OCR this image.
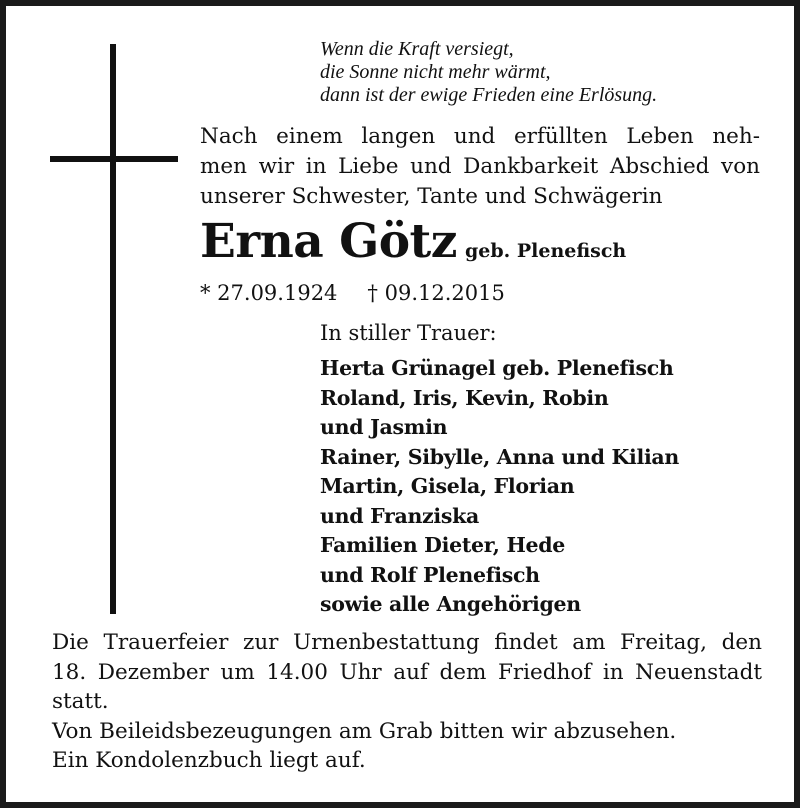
Wenn die Kraft versiegt,
die Sonne nicht mehr wärmt,
dann ist der ewige Frieden eine Erlösung.
Nach einem langen und erfüllten Leben neh-
men wir in Liebe und Dankbarkeit Abschied von
unserer Schwester, Tante und Schwägerin
Erna Götz geb. Plenefisch
* 27.09.1924 † 09.12.2015
In stiller Trauer:
Herta Grünagel geb. Plenefisch
Roland, Iris, Kevin, Robin
und Jasmin
Rainer, Sibylle, Anna und Kilian
Martin, Gisela, Florian
und Franziska
Familien Dieter, Hede
und Rolf Plenefisch
sowie alle Angehörigen
Die Trauerfeier zur Urnenbestattung findet am Freitag, den
18. Dezember um 14.00 Uhr auf dem Friedhof in Neuenstadt
statt.
Von Beileidsbezeugungen am Grab bitten wir abzusehen.
Ein Kondolenzbuch liegt auf.
